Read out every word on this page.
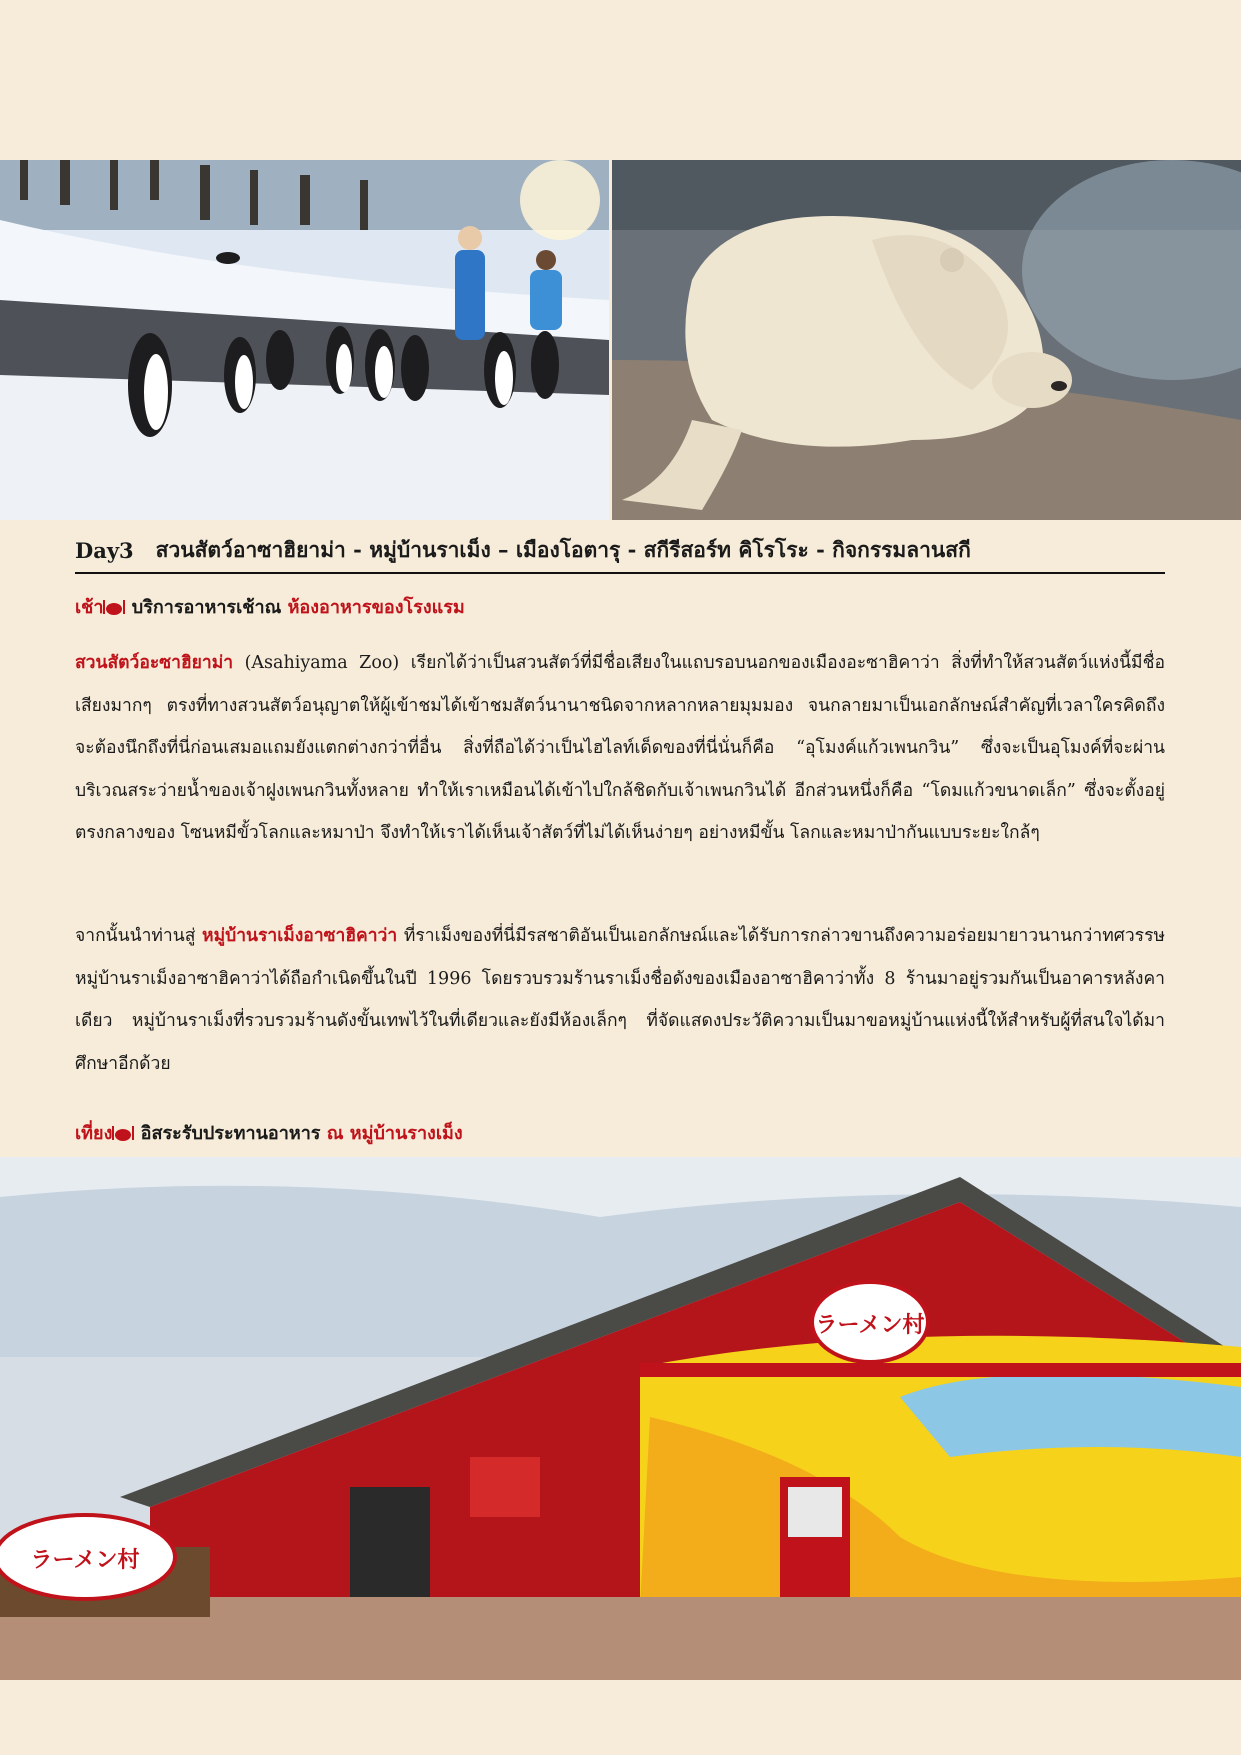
Day3 สวนสัตว์อาซาฮิยาม่า - หมู่บ้านราเม็ง – เมืองโอตารุ - สกีรีสอร์ท คิโรโระ - กิจกรรมลานสกี
เช้า บริการอาหารเช้าณ ห้องอาหารของโรงแรม
สวนสัตว์อะซาฮิยาม่า (Asahiyama Zoo) เรียกได้ว่าเป็นสวนสัตว์ที่มีชื่อเสียงในแถบรอบนอกของเมืองอะซาฮิคาว่า สิ่งที่ทำให้สวนสัตว์แห่งนี้มีชื่อเสียงมากๆ ตรงที่ทางสวนสัตว์อนุญาตให้ผู้เข้าชมได้เข้าชมสัตว์นานาชนิดจากหลากหลายมุมมอง จนกลายมาเป็นเอกลักษณ์สำคัญที่เวลาใครคิดถึงจะต้องนึกถึงที่นี่ก่อนเสมอแถมยังแตกต่างกว่าที่อื่น สิ่งที่ถือได้ว่าเป็นไฮไลท์เด็ดของที่นี่นั่นก็คือ “อุโมงค์แก้วเพนกวิน” ซึ่งจะเป็นอุโมงค์ที่จะผ่านบริเวณสระว่ายน้ำของเจ้าฝูงเพนกวินทั้งหลาย ทำให้เราเหมือนได้เข้าไปใกล้ชิดกับเจ้าเพนกวินได้ อีกส่วนหนึ่งก็คือ “โดมแก้วขนาดเล็ก” ซึ่งจะตั้งอยู่ตรงกลางของ โซนหมีขั้วโลกและหมาป่า จึงทำให้เราได้เห็นเจ้าสัตว์ที่ไม่ได้เห็นง่ายๆ อย่างหมีขั้น โลกและหมาป่ากันแบบระยะใกล้ๆ
จากนั้นนำท่านสู่ หมู่บ้านราเม็งอาซาฮิคาว่า ที่ราเม็งของที่นี่มีรสชาติอันเป็นเอกลักษณ์และได้รับการกล่าวขานถึงความอร่อยมายาวนานกว่าทศวรรษ หมู่บ้านราเม็งอาซาฮิคาว่าได้ถือกำเนิดขึ้นในปี 1996 โดยรวบรวมร้านราเม็งชื่อดังของเมืองอาซาฮิคาว่าทั้ง 8 ร้านมาอยู่รวมกันเป็นอาคารหลังคาเดียว หมู่บ้านราเม็งที่รวบรวมร้านดังขั้นเทพไว้ในที่เดียวและยังมีห้องเล็กๆ ที่จัดแสดงประวัติความเป็นมาขอหมู่บ้านแห่งนี้ให้สำหรับผู้ที่สนใจได้มาศึกษาอีกด้วย
เที่ยง อิสระรับประทานอาหาร ณ หมู่บ้านรางเม็ง
ラーメン村
ラーメン村
